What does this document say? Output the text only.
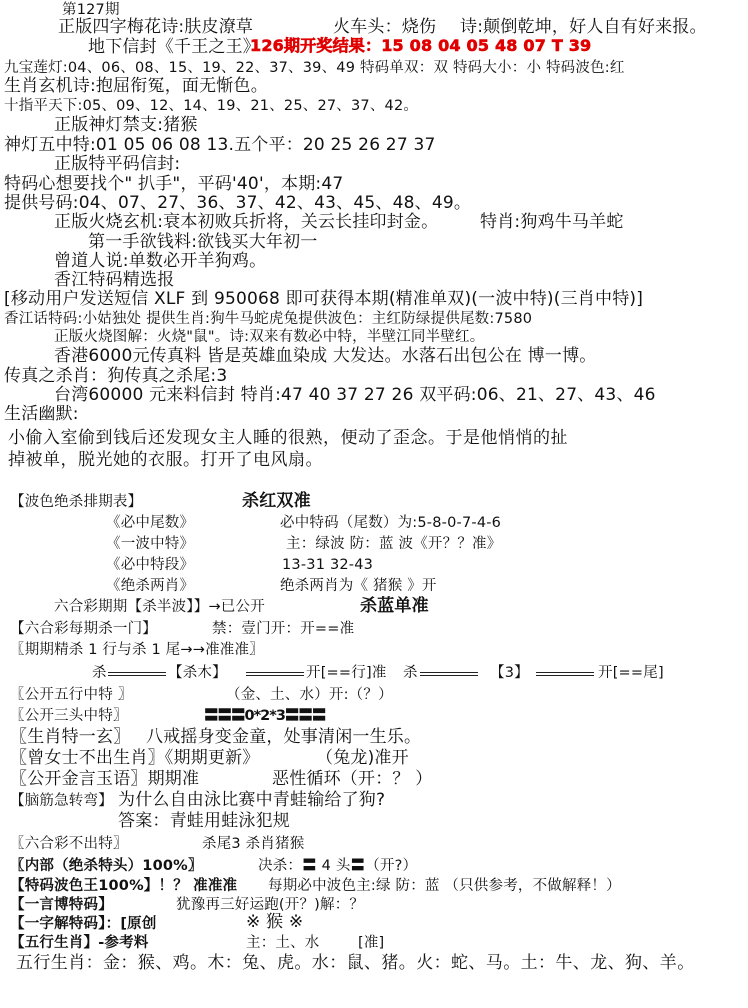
第127期
正版四字梅花诗:肤皮潦草	火车头：烧伤 诗:颠倒乾坤，好人自有好来报。
地下信封《千王之王》
126期开奖结果：15 08 04 05 48 07 T 39
九宝莲灯:04、06、08、15、19、22、37、39、49 特码单双：双 特码大小：小 特码波色:红
生肖玄机诗:抱屈衔冤，面无惭色。
十指平天下:05、09、12、14、19、21、25、27、37、42。
正版神灯禁支:猪猴
神灯五中特:01 05 06 08 13.五个平：20 25 26 27 37
正版特平码信封:
特码心想要找个" 扒手"，平码'40'，本期:47
提供号码:04、07、27、36、37、42、43、45、48、49。
正版火烧玄机:衰本初败兵折将，关云长挂印封金。 特肖:狗鸡牛马羊蛇
第一手欲钱料:欲钱买大年初一
曾道人说:单数必开羊狗鸡。
香江特码精选报
[移动用户发送短信 XLF 到 950068 即可获得本期(精准单双)(一波中特)(三肖中特)]
香江话特码:小姑独处 提供生肖:狗牛马蛇虎兔提供波色：主红防绿提供尾数:7580
正版火烧图解：火烧"鼠"。诗:双来有数必中特，半壁江同半壁红。
香港6000元传真料 皆是英雄血染成 大发达。水落石出包公在 博一博。
传真之杀肖：狗传真之杀尾:3
台湾60000 元来料信封 特肖:47 40 37 27 26 双平码:06、21、27、43、46
生活幽默:
小偷入室偷到钱后还发现女主人睡的很熟，便动了歪念。于是他悄悄的扯
掉被单，脱光她的衣服。打开了电风扇。
【波色绝杀排期表】	杀红双准
《必中尾数》	必中特码（尾数）为:5-8-0-7-4-6
《一波中特》	主：绿波 防：蓝 波《开？？准》
《必中特段》	13-31 32-43
《绝杀两肖》	绝杀两肖为《 猪猴 》开
六合彩期期【杀半波】】→已公开	杀蓝单准
【六合彩每期杀一门】	禁：壹门开：开==准
〖期期精杀 1 行与杀 1 尾→→准准准〗
杀	【杀木】	开[==行]准 杀	【3】	开[==尾]
〖公开五行中特 〗	（金、土、水）开:（？）
〖公开三头中特〗	〓〓〓0*2*3〓〓〓
〖生肖特一玄〗 八戒摇身变金童，处事清闲一生乐。
〖曾女士不出生肖〗《期期更新》	（兔龙)准开
〖公开金言玉语〗期期准	恶性循环（开：？ ）
【脑筋急转弯】 为什么自由泳比赛中青蛙输给了狗?
答案：青蛙用蛙泳犯规
〖六合彩不出特〗	杀尾3 杀肖猪猴
〖内部（绝杀特头）100%〗	决杀：〓 4 头〓（开?）
【特码波色王100%】！？ 准准准 每期必中波色主:绿 防：蓝 （只供参考，不做解释！）
【一言博特码】	犹豫再三好运跑(开？)解：？
【一字解特码】：[原创	※ 猴 ※
【五行生肖】-参考料	主：土、水	[准]
五行生肖：金：猴、鸡。木：兔、虎。水：鼠、猪。火：蛇、马。土：牛、龙、狗、羊。
